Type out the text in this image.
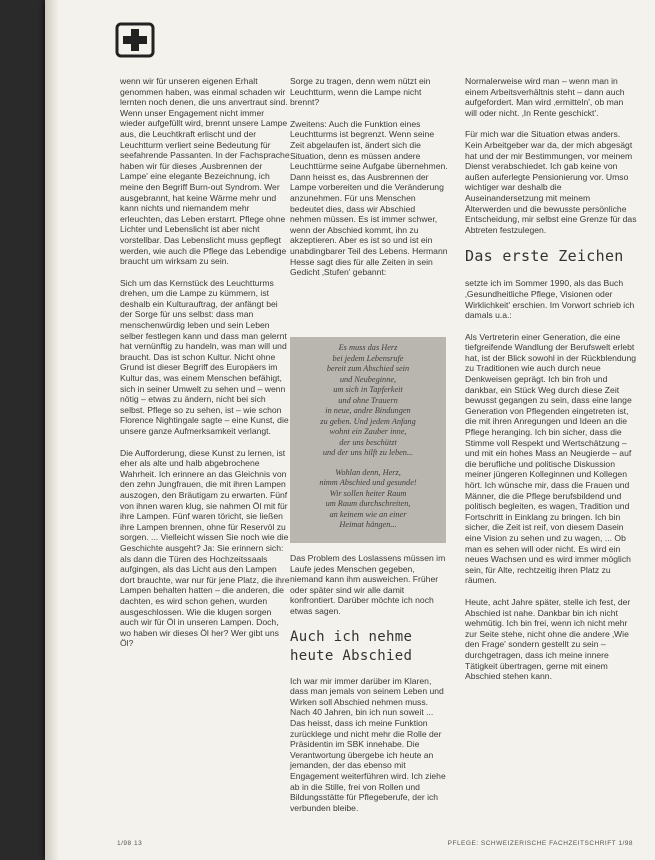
wenn wir für unseren eigenen Erhalt genommen haben, was einmal schaden wir lernten noch denen, die uns anvertraut sind. Wenn unser Engagement nicht immer wieder aufgefüllt wird, brennt unsere Lampe aus, die Leuchtkraft erlischt und der Leuchtturm verliert seine Bedeutung für seefahrende Passanten. In der Fachsprache haben wir für dieses ‚Ausbrennen der Lampe' eine elegante Bezeichnung, ich meine den Begriff Burn-out Syndrom. Wer ausgebrannt, hat keine Wärme mehr und kann nichts und niemandem mehr erleuchten, das Leben erstarrt. Pflege ohne Lichter und Lebenslicht ist aber nicht vorstellbar. Das Lebenslicht muss gepflegt werden, wie auch die Pflege das Lebendige braucht um wirksam zu sein.

Sich um das Kernstück des Leuchtturms drehen, um die Lampe zu kümmern, ist deshalb ein Kulturauftrag, der anfängt bei der Sorge für uns selbst: dass man menschenwürdig leben und sein Leben selber festlegen kann und dass man gelernt hat vernünftig zu handeln, was man will und braucht. Das ist schon Kultur. Nicht ohne Grund ist dieser Begriff des Europäers im Kultur das, was einem Menschen befähigt, sich in seiner Umwelt zu sehen und – wenn nötig – etwas zu ändern, nicht bei sich selbst. Pflege so zu sehen, ist – wie schon Florence Nightingale sagte – eine Kunst, die unsere ganze Aufmerksamkeit verlangt.

Die Aufforderung, diese Kunst zu lernen, ist eher als alte und halb abgebrochene Wahrheit. Ich erinnere an das Gleichnis von den zehn Jungfrauen, die mit ihren Lampen auszogen, den Bräutigam zu erwarten. Fünf von ihnen waren klug, sie nahmen Öl mit für ihre Lampen. Fünf waren töricht, sie ließen ihre Lampen brennen, ohne für Reservöl zu sorgen. ... Vielleicht wissen Sie noch wie die Geschichte ausgeht? Ja: Sie erinnern sich: als dann die Türen des Hochzeitssaals aufgingen, als das Licht aus den Lampen dort brauchte, war nur für jene Platz, die ihre Lampen behalten hatten – die anderen, die dachten, es wird schon gehen, wurden ausgeschlossen. Wie die klugen sorgen auch wir für Öl in unseren Lampen. Doch, wo haben wir dieses Öl her? Wer gibt uns Öl?

Sorge zu tragen, denn wem nützt ein Leuchtturm, wenn die Lampe nicht brennt?

Zweitens: Auch die Funktion eines Leuchtturms ist begrenzt. Wenn seine Zeit abgelaufen ist, ändert sich die Situation, denn es müssen andere Leuchttürme seine Aufgabe übernehmen. Dann heisst es, das Ausbrennen der Lampe vorbereiten und die Veränderung anzunehmen. Für uns Menschen bedeutet dies, dass wir Abschied nehmen müssen. Es ist immer schwer, wenn der Abschied kommt, ihn zu akzeptieren. Aber es ist so und ist ein unabdingbarer Teil des Lebens. Hermann Hesse sagt dies für alle Zeiten in sein Gedicht ‚Stufen' gebannt:

Es muss das Herz
bei jedem Lebensrufe
bereit zum Abschied sein
und Neubeginne,
um sich in Tapferkeit
und ohne Trauern
in neue, andre Bindungen
zu geben. Und jedem Anfang
wohnt ein Zauber inne,
der uns beschützt
und der uns hilft zu leben...
Wohlan denn, Herz,
nimm Abschied und gesunde!
Wir sollen heiter Raum
um Raum durchschreiten,
an keinem wie an einer
Heimat hängen...

Das Problem des Loslassens müssen im Laufe jedes Menschen gegeben, niemand kann ihm ausweichen. Früher oder später sind wir alle damit konfrontiert. Darüber möchte ich noch etwas sagen.

Auch ich nehme heute Abschied

Ich war mir immer darüber im Klaren, dass man jemals von seinem Leben und Wirken soll Abschied nehmen muss. Nach 40 Jahren, bin ich nun soweit ... Das heisst, dass ich meine Funktion zurücklege und nicht mehr die Rolle der Präsidentin im SBK innehabe. Die Verantwortung übergebe ich heute an jemanden, der das ebenso mit Engagement weiterführen wird. Ich ziehe ab in die Stille, frei von Rollen und Bildungsstätte für Pflegeberufe, der ich verbunden bleibe.

Normalerweise wird man – wenn man in einem Arbeitsverhältnis steht – dann auch aufgefordert. Man wird ‚ermitteln', ob man will oder nicht. ‚In Rente geschickt'.

Für mich war die Situation etwas anders. Kein Arbeitgeber war da, der mich abgesägt hat und der mir Bestimmungen, vor meinem Dienst verabschiedet. Ich gab keine von außen auferlegte Pensionierung vor. Umso wichtiger war deshalb die Auseinandersetzung mit meinem Älterwerden und die bewusste persönliche Entscheidung, mir selbst eine Grenze für das Abtreten festzulegen.

Das erste Zeichen

setzte ich im Sommer 1990, als das Buch ‚Gesundheitliche Pflege, Visionen oder Wirklichkeit' erschien. Im Vorwort schrieb ich damals u.a.:

Als Vertreterin einer Generation, die eine tiefgreifende Wandlung der Berufswelt erlebt hat, ist der Blick sowohl in der Rückblendung zu Traditionen wie auch durch neue Denkweisen geprägt. Ich bin froh und dankbar, ein Stück Weg durch diese Zeit bewusst gegangen zu sein, dass eine lange Generation von Pflegenden eingetreten ist, die mit ihren Anregungen und Ideen an die Pflege heranging. Ich bin sicher, dass die Stimme voll Respekt und Wertschätzung – und mit ein hohes Mass an Neugierde – auf die berufliche und politische Diskussion meiner jüngeren Kolleginnen und Kollegen hört. Ich wünsche mir, dass die Frauen und Männer, die die Pflege berufsbildend und politisch begleiten, es wagen, Tradition und Fortschritt in Einklang zu bringen. Ich bin sicher, die Zeit ist reif, von diesem Dasein eine Vision zu sehen und zu wagen, ... Ob man es sehen will oder nicht. Es wird ein neues Wachsen und es wird immer möglich sein, für Alte, rechtzeitig ihren Platz zu räumen.

Heute, acht Jahre später, stelle ich fest, der Abschied ist nahe. Dankbar bin ich nicht wehmütig. Ich bin frei, wenn ich nicht mehr zur Seite stehe, nicht ohne die andere ‚Wie den Frage' sondern gestellt zu sein – durchgetragen, dass ich meine innere Tätigkeit übertragen, gerne mit einem Abschied stehen kann.

1/98 13	PFLEGE: SCHWEIZERISCHE FACHZEITSCHRIFT 1/98
